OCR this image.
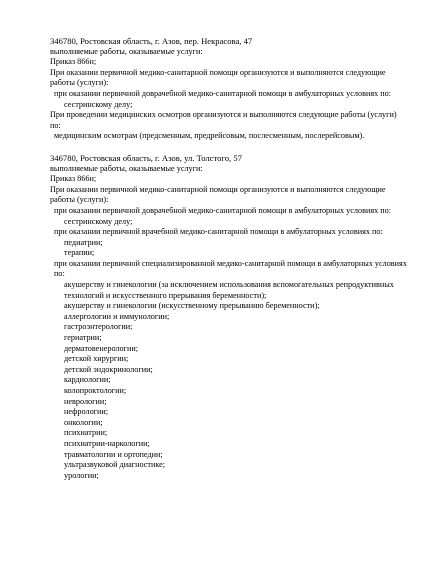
346780, Ростовская область, г. Азов, пер. Некрасова, 47
выполняемые работы, оказываемые услуги:
Приказ 866н;
При оказании первичной медико-санитарной помощи организуются и выполняются следующие работы (услуги):
при оказании первичной доврачебной медико-санитарной помощи в амбулаторных условиях по:
сестринскому делу;
При проведении медицинских осмотров организуются и выполняются следующие работы (услуги) по:
медицинским осмотрам (предсменным, предрейсовым, послесменным, послерейсовым).
346780, Ростовская область, г. Азов, ул. Толстого, 57
выполняемые работы, оказываемые услуги:
Приказ 866н;
При оказании первичной медико-санитарной помощи организуются и выполняются следующие работы (услуги):
при оказании первичной доврачебной медико-санитарной помощи в амбулаторных условиях по:
сестринскому делу;
при оказании первичной врачебной медико-санитарной помощи в амбулаторных условиях по:
педиатрии;
терапии;
при оказании первичной специализированной медико-санитарной помощи в амбулаторных условиях по:
акушерству и гинекологии (за исключением использования вспомогательных репродуктивных технологий и искусственного прерывания беременности);
акушерству и гинекологии (искусственному прерыванию беременности);
аллергологии и иммунологии;
гастроэнтерологии;
гериатрии;
дерматовенерологии;
детской хирургии;
детской эндокринологии;
кардиологии;
колопроктологии;
неврологии;
нефрологии;
онкологии;
психиатрии;
психиатрии-наркологии;
травматологии и ортопедии;
ультразвуковой диагностике;
урологии;
